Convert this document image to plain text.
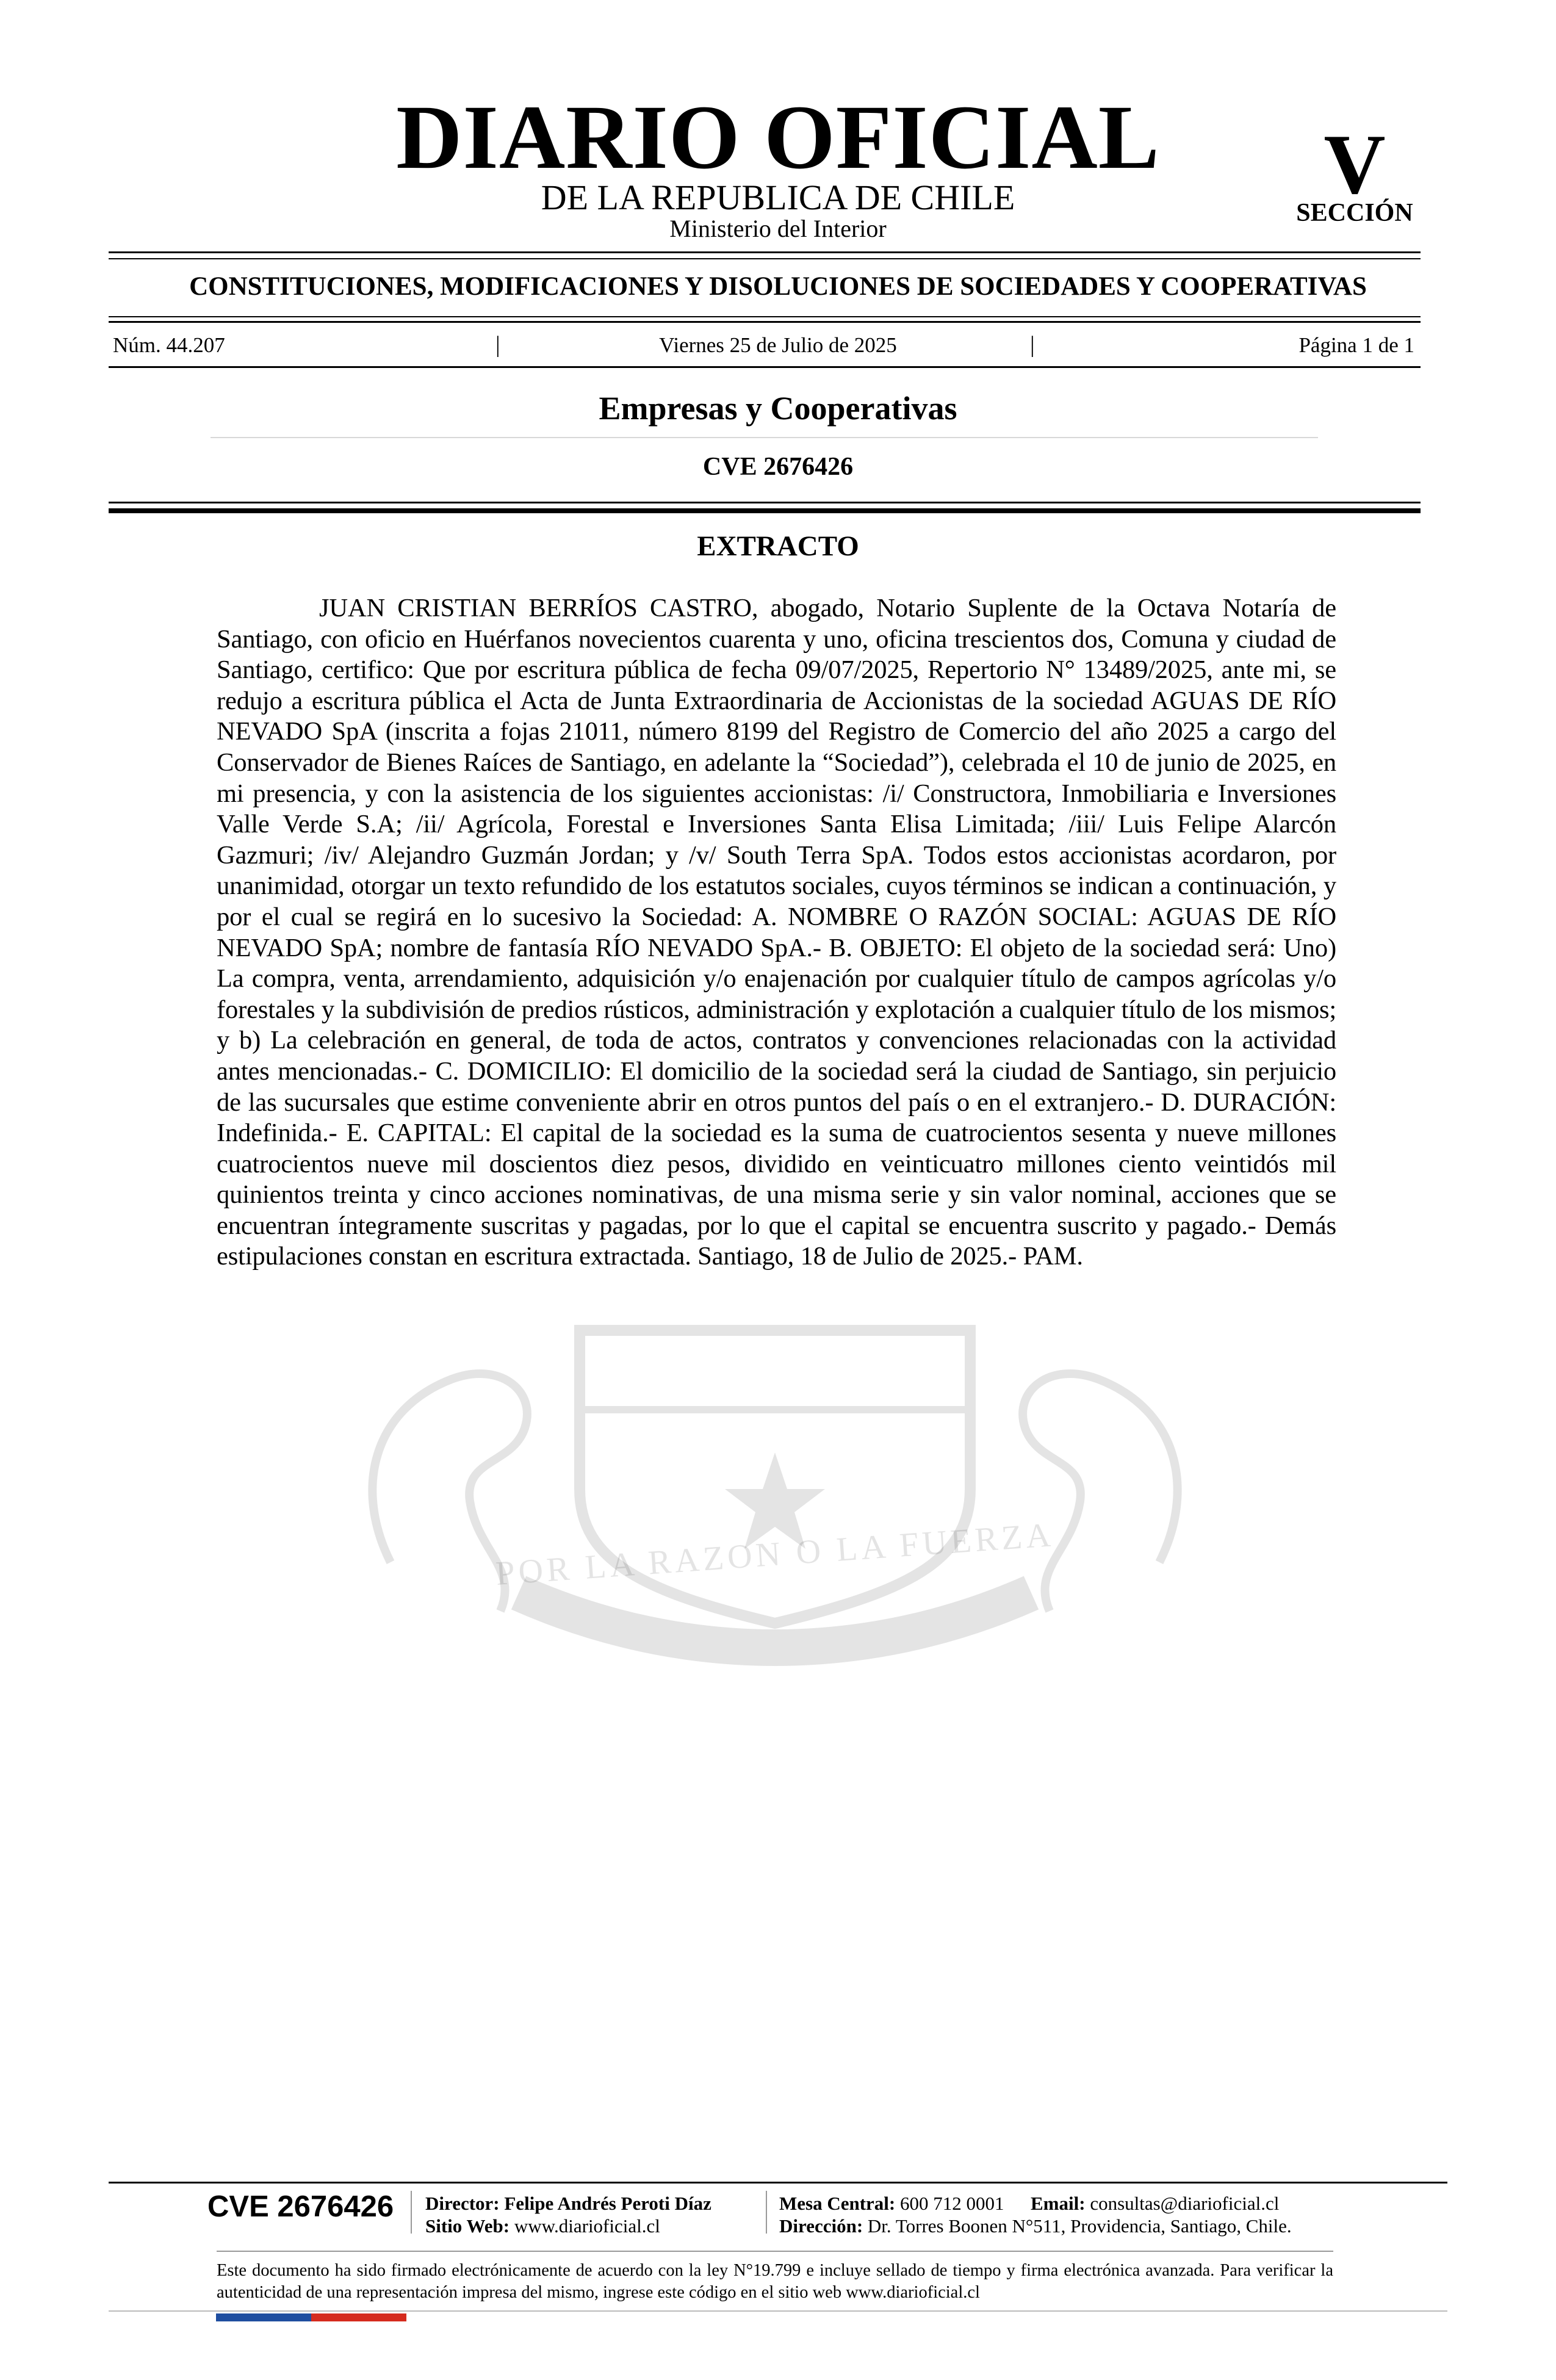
DIARIO OFICIAL
DE LA REPUBLICA DE CHILE
Ministerio del Interior
V
SECCIÓN
CONSTITUCIONES, MODIFICACIONES Y DISOLUCIONES DE SOCIEDADES Y COOPERATIVAS
Núm. 44.207	|	Viernes 25 de Julio de 2025	|	Página 1 de 1
Empresas y Cooperativas
CVE 2676426
EXTRACTO
POR LA RAZON O LA FUERZA

JUAN CRISTIAN BERRÍOS CASTRO, abogado, Notario Suplente de la Octava Notaría de Santiago, con oficio en Huérfanos novecientos cuarenta y uno, oficina trescientos dos, Comuna y ciudad de Santiago, certifico: Que por escritura pública de fecha 09/07/2025, Repertorio N° 13489/2025, ante mi, se redujo a escritura pública el Acta de Junta Extraordinaria de Accionistas de la sociedad AGUAS DE RÍO NEVADO SpA (inscrita a fojas 21011, número 8199 del Registro de Comercio del año 2025 a cargo del Conservador de Bienes Raíces de Santiago, en adelante la “Sociedad”), celebrada el 10 de junio de 2025, en mi presencia, y con la asistencia de los siguientes accionistas: /i/ Constructora, Inmobiliaria e Inversiones Valle Verde S.A; /ii/ Agrícola, Forestal e Inversiones Santa Elisa Limitada; /iii/ Luis Felipe Alarcón Gazmuri; /iv/ Alejandro Guzmán Jordan; y /v/ South Terra SpA. Todos estos accionistas acordaron, por unanimidad, otorgar un texto refundido de los estatutos sociales, cuyos términos se indican a continuación, y por el cual se regirá en lo sucesivo la Sociedad: A. NOMBRE O RAZÓN SOCIAL: AGUAS DE RÍO NEVADO SpA; nombre de fantasía RÍO NEVADO SpA.- B. OBJETO: El objeto de la sociedad será: Uno) La compra, venta, arrendamiento, adquisición y/o enajenación por cualquier título de campos agrícolas y/o forestales y la subdivisión de predios rústicos, administración y explotación a cualquier título de los mismos; y b) La celebración en general, de toda de actos, contratos y convenciones relacionadas con la actividad antes mencionadas.- C. DOMICILIO: El domicilio de la sociedad será la ciudad de Santiago, sin perjuicio de las sucursales que estime conveniente abrir en otros puntos del país o en el extranjero.- D. DURACIÓN: Indefinida.- E. CAPITAL: El capital de la sociedad es la suma de cuatrocientos sesenta y nueve millones cuatrocientos nueve mil doscientos diez pesos, dividido en veinticuatro millones ciento veintidós mil quinientos treinta y cinco acciones nominativas, de una misma serie y sin valor nominal, acciones que se encuentran íntegramente suscritas y pagadas, por lo que el capital se encuentra suscrito y pagado.- Demás estipulaciones constan en escritura extractada. Santiago, 18 de Julio de 2025.- PAM.

CVE 2676426 Director: Felipe Andrés Peroti Díaz
Sitio Web: www.diarioficial.cl
Mesa Central: 600 712 0001 Email: consultas@diarioficial.cl
Dirección: Dr. Torres Boonen N°511, Providencia, Santiago, Chile.

Este documento ha sido firmado electrónicamente de acuerdo con la ley N°19.799 e incluye sellado de tiempo y firma electrónica avanzada. Para verificar la autenticidad de una representación impresa del mismo, ingrese este código en el sitio web www.diarioficial.cl
